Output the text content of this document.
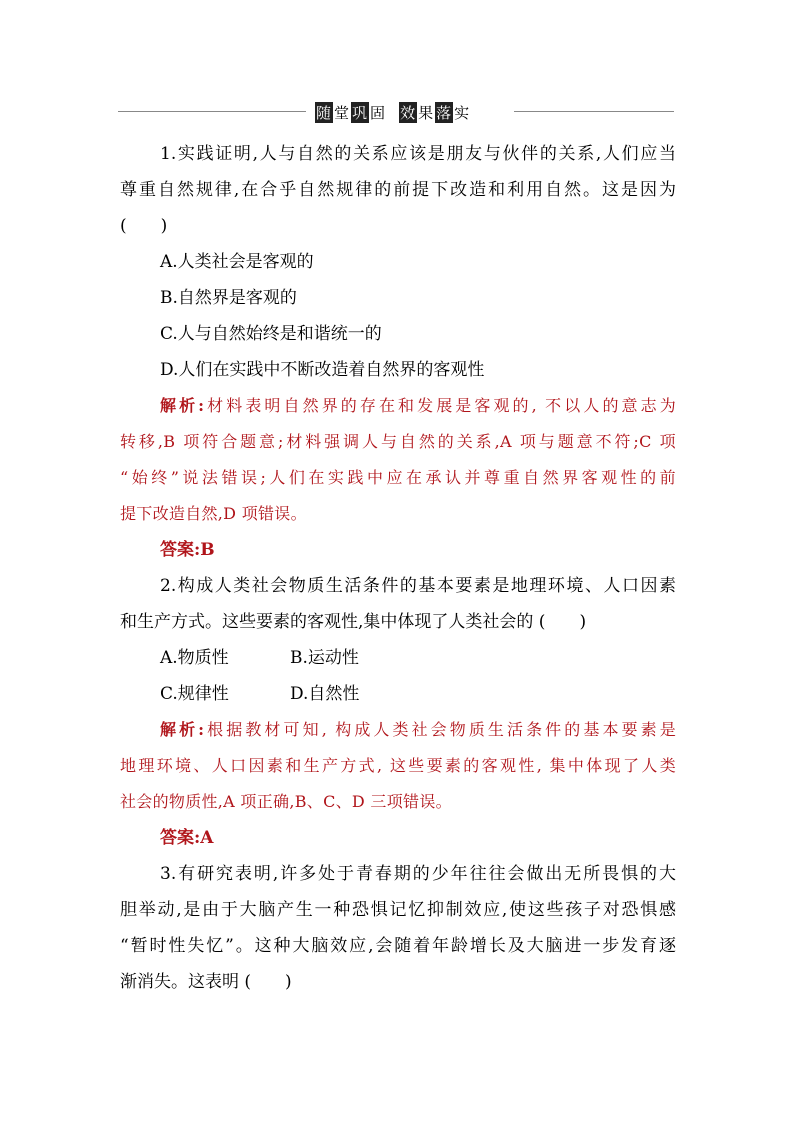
随 堂 巩 固 效 果 落 实
1.实践证明,人与自然的关系应该是朋友与伙伴的关系,人们应当
尊重自然规律,在合乎自然规律的前提下改造和利用自然。这是因为
(　　)
A.人类社会是客观的
B.自然界是客观的
C.人与自然始终是和谐统一的
D.人们在实践中不断改造着自然界的客观性
解析:材料表明自然界的存在和发展是客观的, 不以人的意志为
转移,B 项符合题意;材料强调人与自然的关系,A 项与题意不符;C 项
“始终”说法错误;人们在实践中应在承认并尊重自然界客观性的前
提下改造自然,D 项错误。
答案:B
2.构成人类社会物质生活条件的基本要素是地理环境、人口因素
和生产方式。这些要素的客观性,集中体现了人类社会的 (　　)
A.物质性	B.运动性
C.规律性	D.自然性
解析:根据教材可知, 构成人类社会物质生活条件的基本要素是
地理环境、人口因素和生产方式, 这些要素的客观性, 集中体现了人类
社会的物质性,A 项正确,B、C、D 三项错误。
答案:A
3.有研究表明,许多处于青春期的少年往往会做出无所畏惧的大
胆举动,是由于大脑产生一种恐惧记忆抑制效应,使这些孩子对恐惧感
“暂时性失忆”。这种大脑效应,会随着年龄增长及大脑进一步发育逐
渐消失。这表明 (　　)
